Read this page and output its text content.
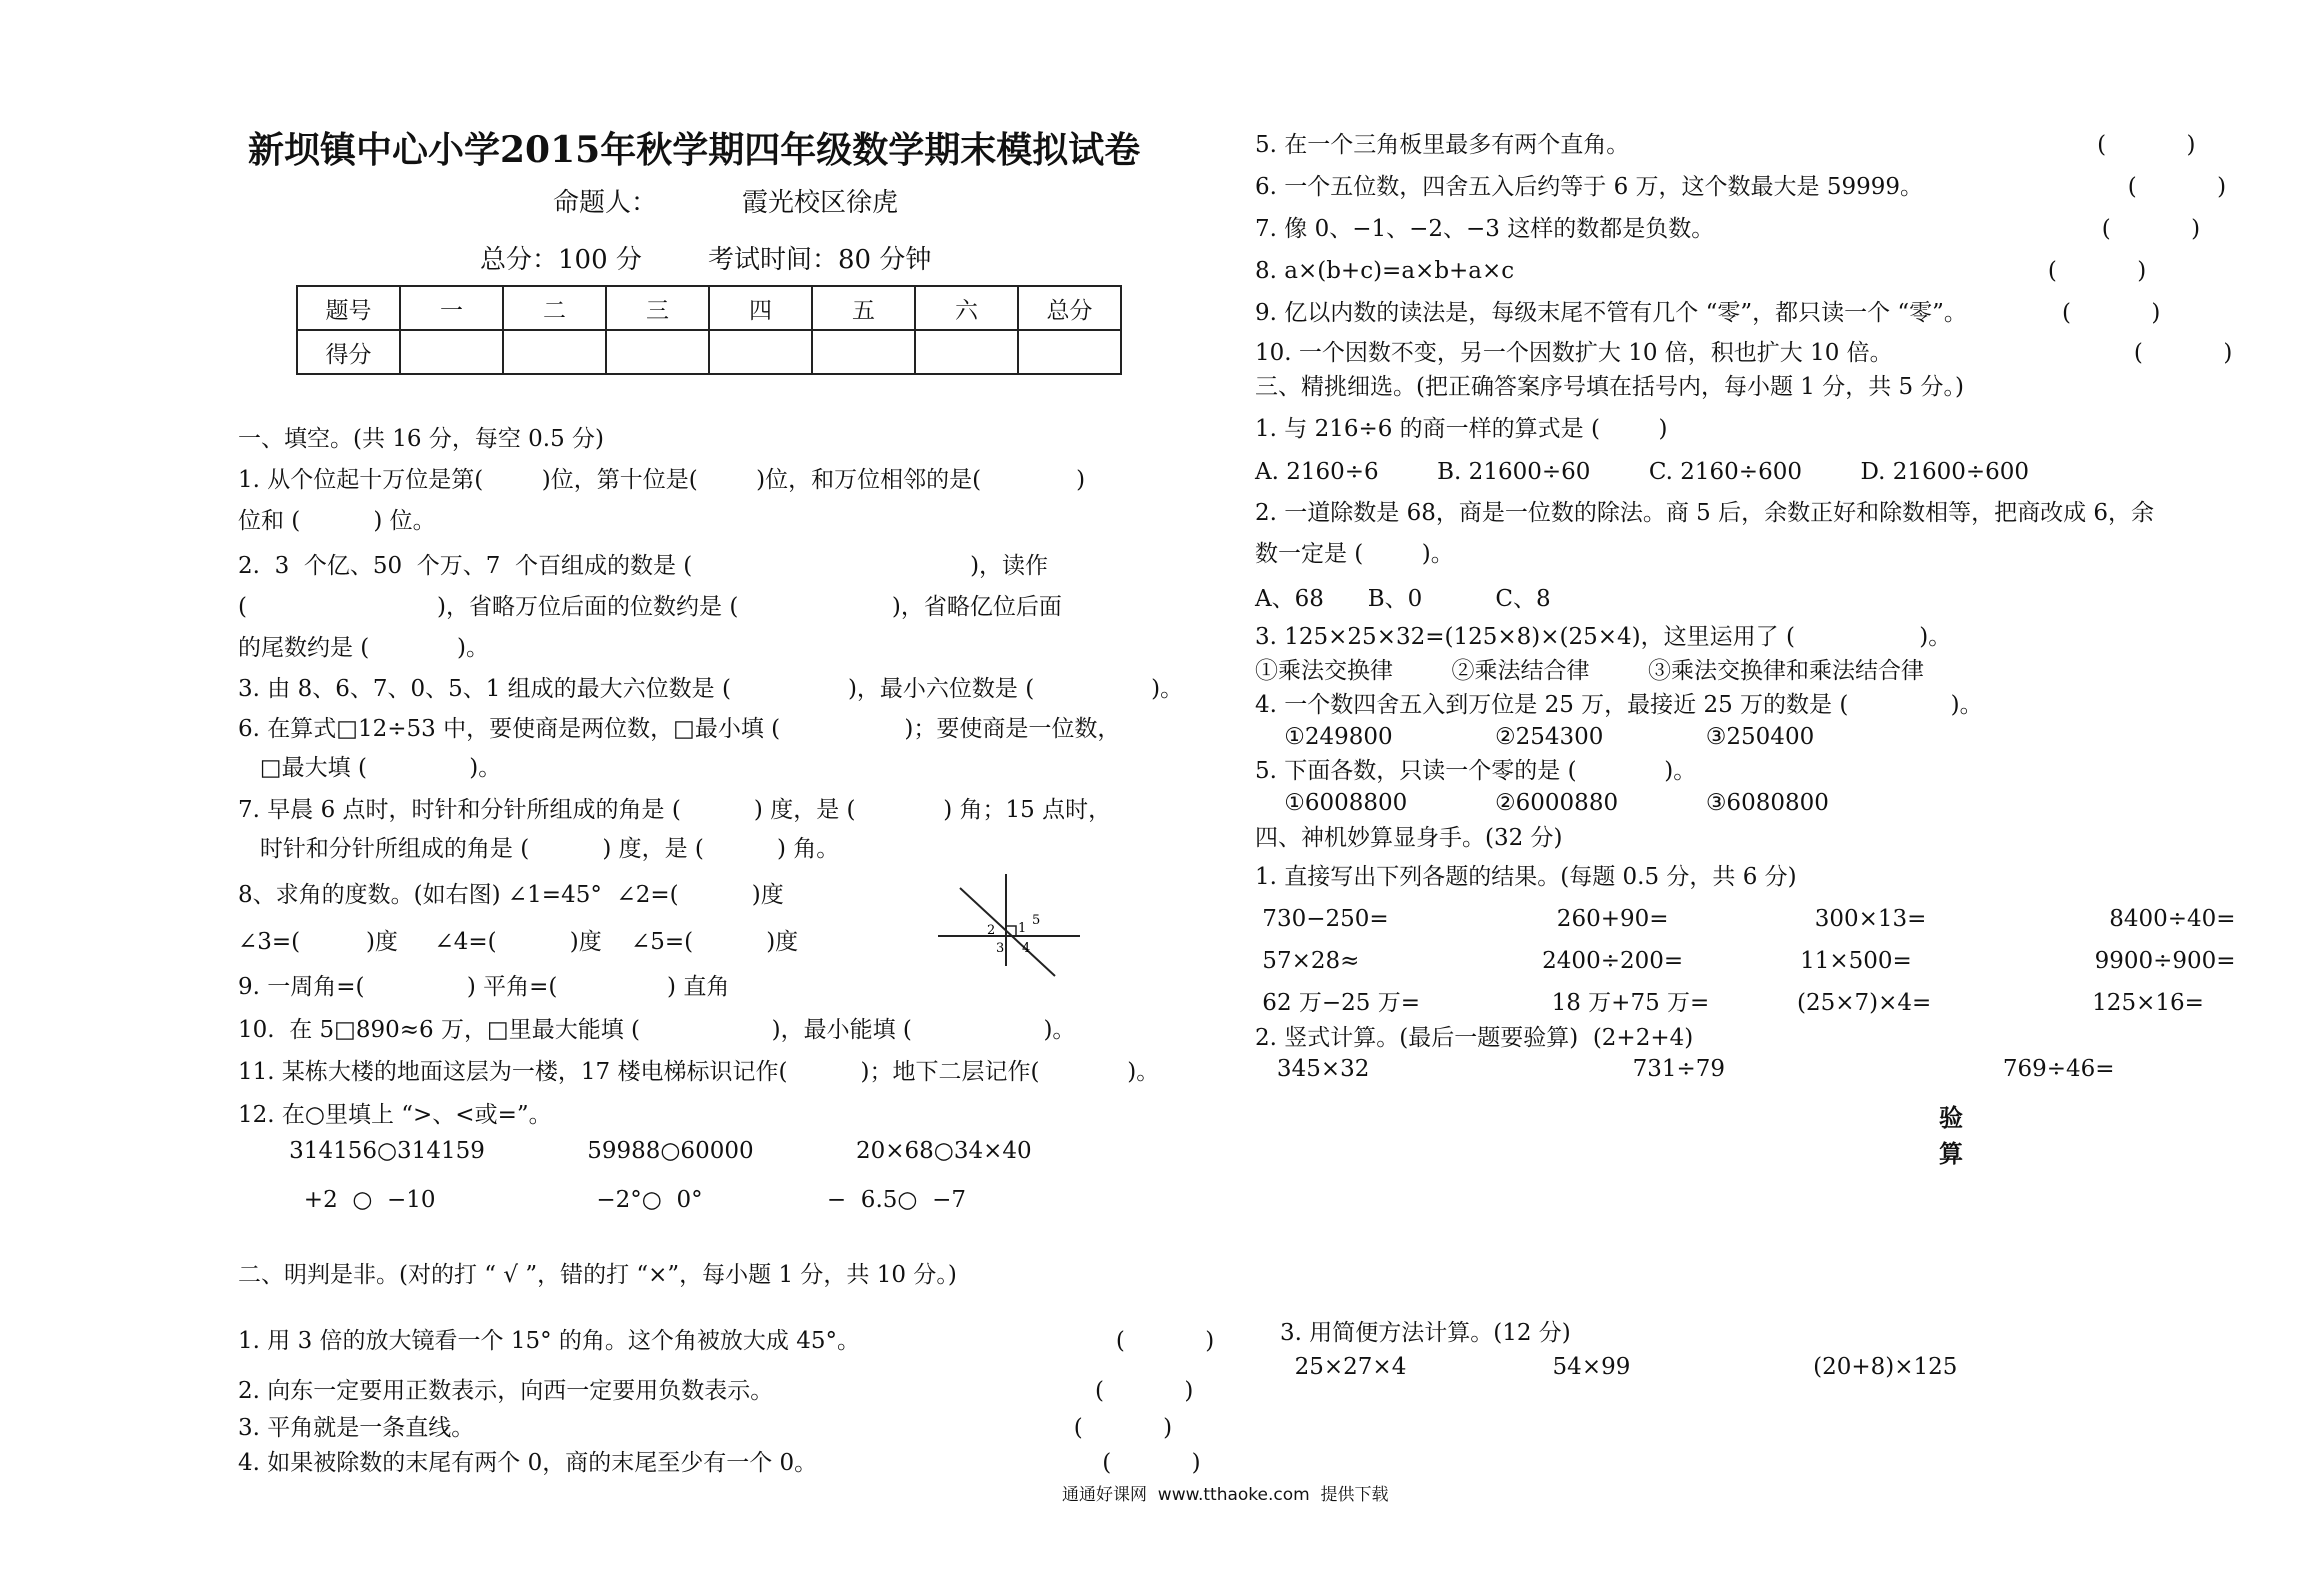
新坝镇中心小学2015年秋学期四年级数学期末模拟试卷
命题人：	霞光校区徐虎
总分：100 分	考试时间：80 分钟
题号	一	二	三	四	五	六	总分
得分							
一、填空。(共 16 分，每空 0.5 分)
1. 从个位起十万位是第(        )位，第十位是(        )位，和万位相邻的是(             )
位和 (          ) 位。
2.  3  个亿、50  个万、7  个百组成的数是 (                                      )，读作
(                          )，省略万位后面的位数约是 (                     )，省略亿位后面
的尾数约是 (            )。
3. 由 8、6、7、0、5、1 组成的最大六位数是 (                )，最小六位数是 (                )。
6. 在算式□12÷53 中，要使商是两位数，□最小填 (                 )；要使商是一位数，
□最大填 (              )。
7. 早晨 6 点时，时针和分针所组成的角是 (          ) 度，是 (            ) 角；15 点时，
时针和分针所组成的角是 (          ) 度，是 (          ) 角。
8、求角的度数。(如右图) ∠1=45°  ∠2=(          )度
∠3=(         )度     ∠4=(          )度    ∠5=(          )度
9. 一周角=(              ) 平角=(               ) 直角
10.  在 5□890≈6 万，□里最大能填 (                  )，最小能填 (                  )。
11. 某栋大楼的地面这层为一楼，17 楼电梯标识记作(          )；地下二层记作(            )。
12. 在○里填上 “>、<或=”。
314156○314159              59988○60000              20×68○34×40
+2  ○  −10                      −2°○  0°                 −  6.5○  −7
二、明判是非。(对的打 “ √ ”，错的打 “×”，每小题 1 分，共 10 分。)
1. 用 3 倍的放大镜看一个 15° 的角。这个角被放大成 45°。                                   (           )
2. 向东一定要用正数表示，向西一定要用负数表示。                                            (           )
3. 平角就是一条直线。                                                                                  (           )
4. 如果被除数的末尾有两个 0，商的末尾至少有一个 0。                                       (           )
1
2
3 4
5
5. 在一个三角板里最多有两个直角。                                                                (           )
6. 一个五位数，四舍五入后约等于 6 万，这个数最大是 59999。                            (           )
7. 像 0、−1、−2、−3 这样的数都是负数。                                                     (           )
8. a×(b+c)=a×b+a×c                                                                         (           )
9. 亿以内数的读法是，每级末尾不管有几个 “零”，都只读一个 “零”。             (           )
10. 一个因数不变，另一个因数扩大 10 倍，积也扩大 10 倍。                                 (           )
三、精挑细选。(把正确答案序号填在括号内，每小题 1 分，共 5 分。)
1. 与 216÷6 的商一样的算式是 (        )
A. 2160÷6        B. 21600÷60        C. 2160÷600        D. 21600÷600
2. 一道除数是 68，商是一位数的除法。商 5 后，余数正好和除数相等，把商改成 6，余
数一定是 (        )。
A、68      B、0          C、8
3. 125×25×32=(125×8)×(25×4)，这里运用了 (                 )。
①乘法交换律        ②乘法结合律        ③乘法交换律和乘法结合律
4. 一个数四舍五入到万位是 25 万，最接近 25 万的数是 (              )。
①249800              ②254300              ③250400
5. 下面各数，只读一个零的是 (            )。
①6008800            ②6000880            ③6080800
四、神机妙算显身手。(32 分)
1. 直接写出下列各题的结果。(每题 0.5 分，共 6 分)
730−250=                       260+90=                    300×13=                         8400÷40=
57×28≈                         2400÷200=                11×500=                         9900÷900=
62 万−25 万=                  18 万+75 万=            (25×7)×4=                      125×16=
2. 竖式计算。(最后一题要验算)  (2+2+4)
345×32                                    731÷79                                      769÷46=
验算
3. 用简便方法计算。(12 分)
25×27×4                    54×99                         (20+8)×125
通通好课网  www.tthaoke.com  提供下载
